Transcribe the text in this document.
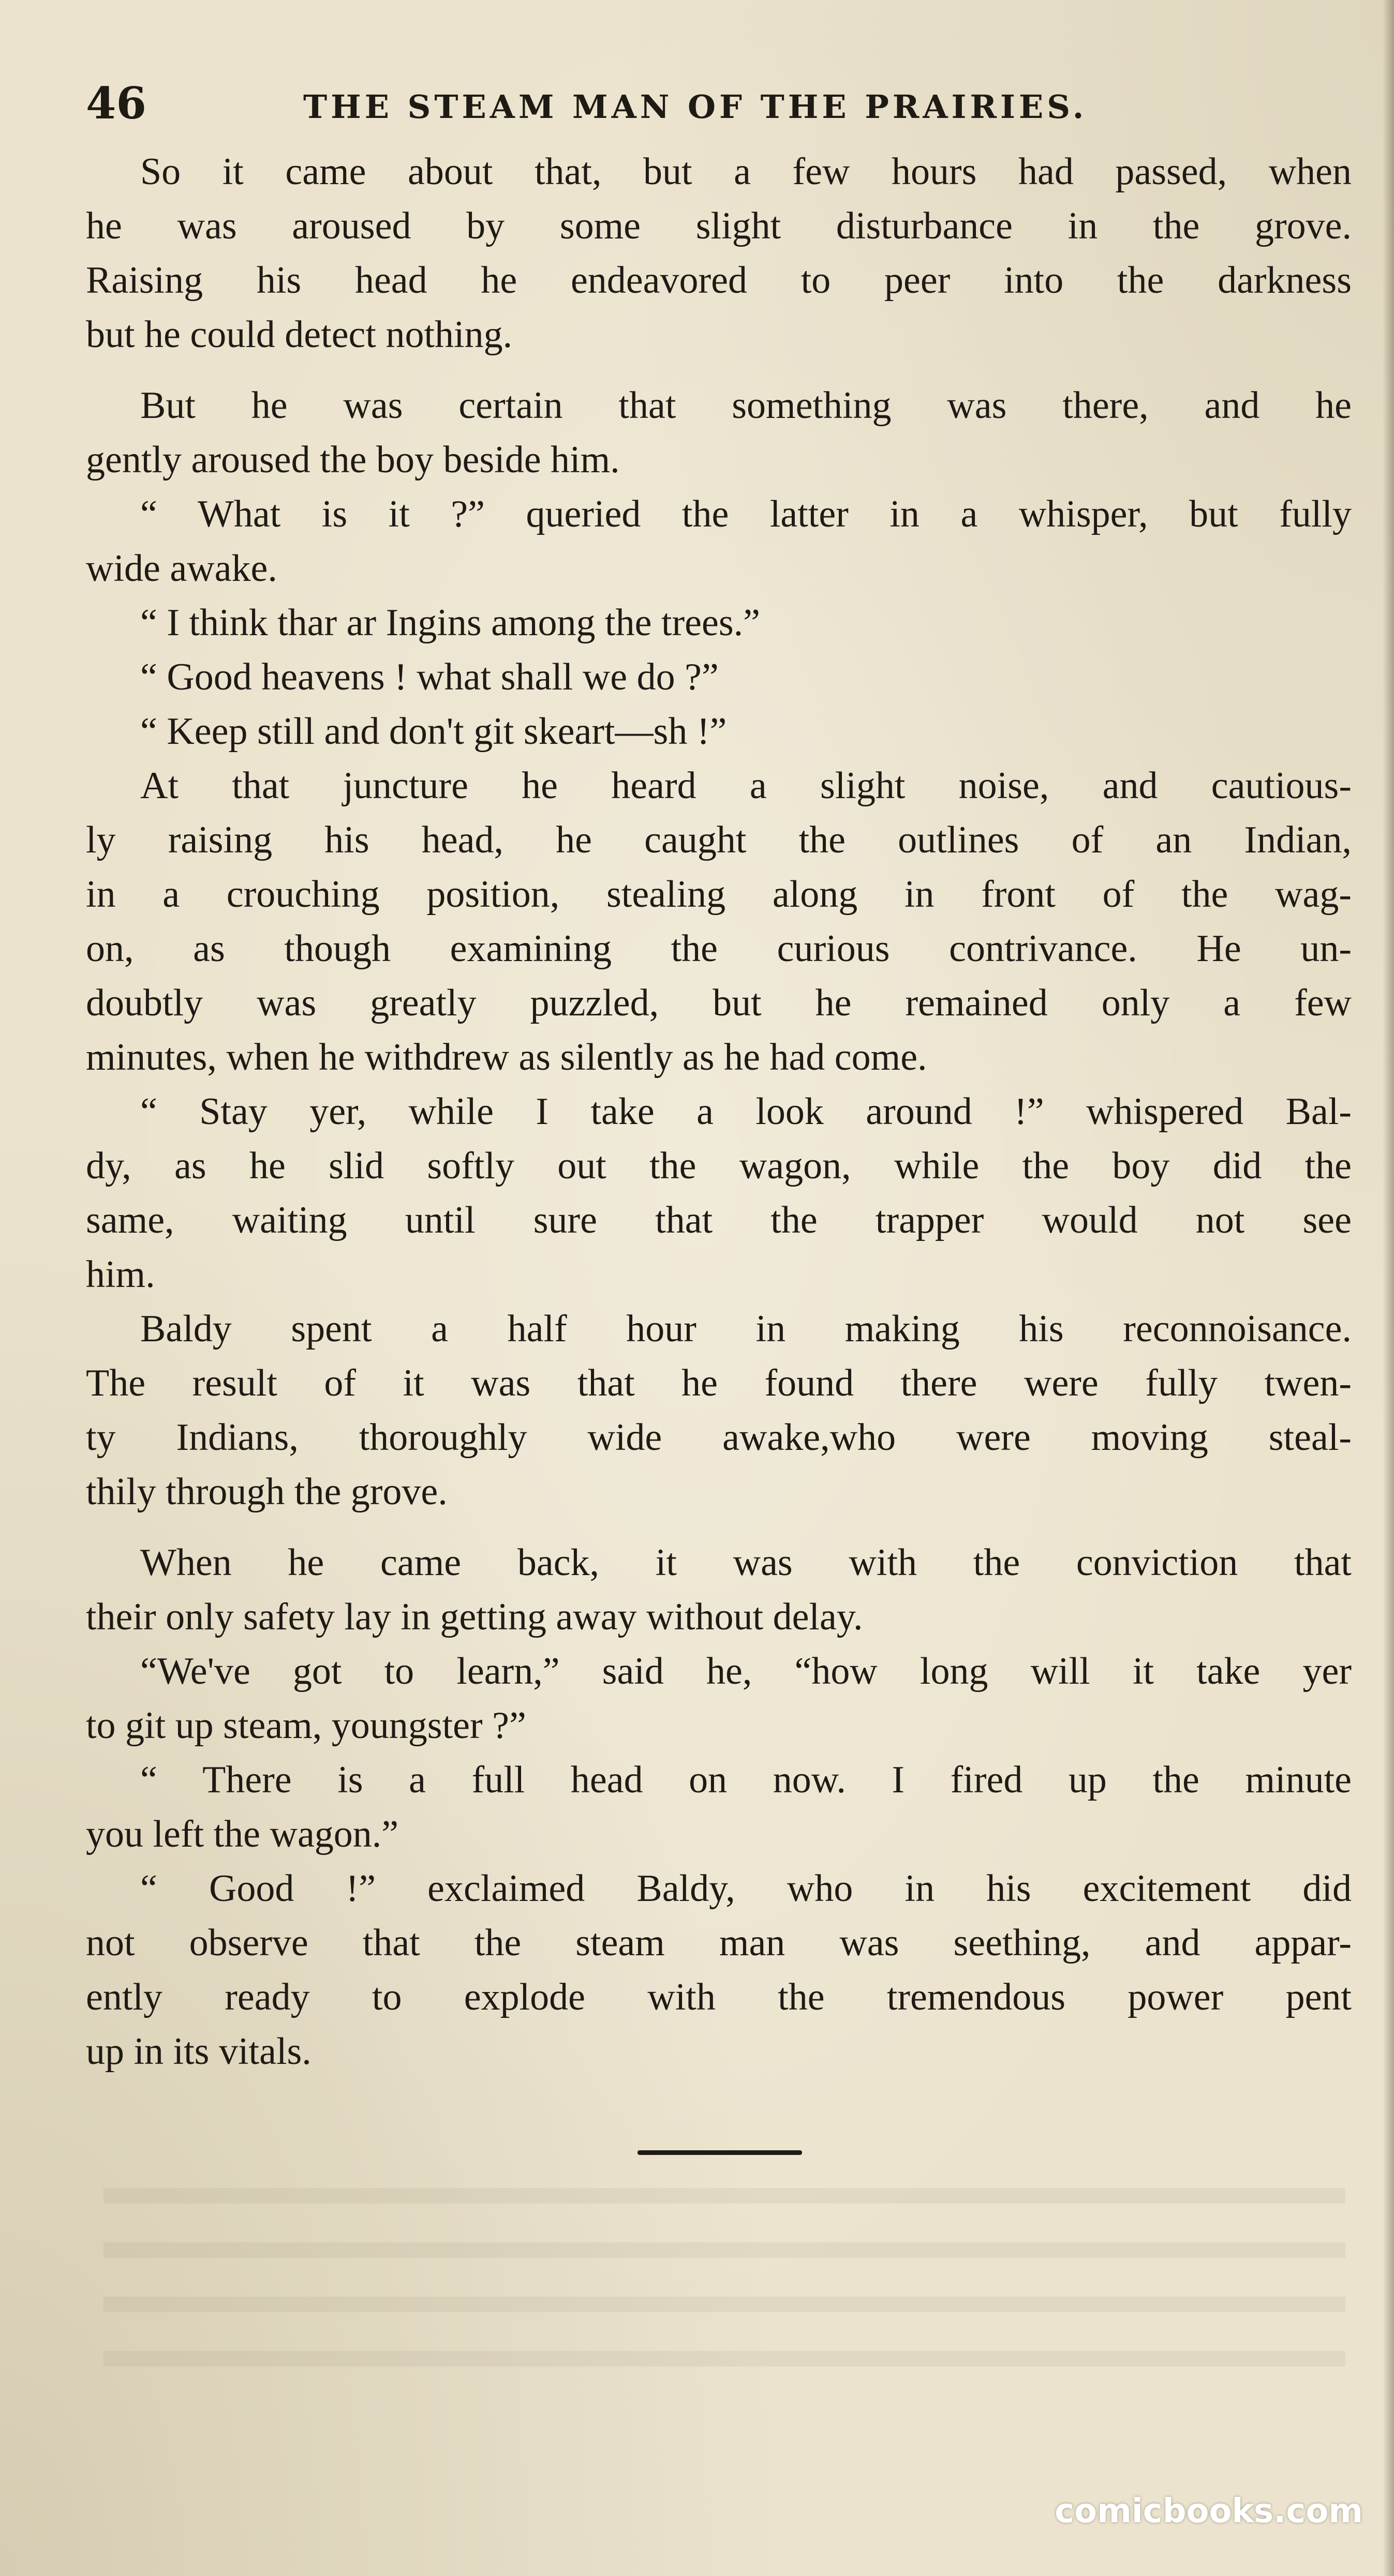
46	THE STEAM MAN OF THE PRAIRIES.
So it came about that, but a few hours had passed, when
he was aroused by some slight disturbance in the grove.
Raising his head he endeavored to peer into the darkness
but he could detect nothing.
But he was certain that something was there, and he
gently aroused the boy beside him.
“ What is it ?” queried the latter in a whisper, but fully
wide awake.
“ I think thar ar Ingins among the trees.”
“ Good heavens ! what shall we do ?”
“ Keep still and don't git skeart—sh !”
At that juncture he heard a slight noise, and cautious-
ly raising his head, he caught the outlines of an Indian,
in a crouching position, stealing along in front of the wag-
on, as though examining the curious contrivance. He un-
doubtly was greatly puzzled, but he remained only a few
minutes, when he withdrew as silently as he had come.
“ Stay yer, while I take a look around !” whispered Bal-
dy, as he slid softly out the wagon, while the boy did the
same, waiting until sure that the trapper would not see
him.
Baldy spent a half hour in making his reconnoisance.
The result of it was that he found there were fully twen-
ty Indians, thoroughly wide awake,who were moving steal-
thily through the grove.
When he came back, it was with the conviction that
their only safety lay in getting away without delay.
“We've got to learn,” said he, “how long will it take yer
to git up steam, youngster ?”
“ There is a full head on now. I fired up the minute
you left the wagon.”
“ Good !” exclaimed Baldy, who in his excitement did
not observe that the steam man was seething, and appar-
ently ready to explode with the tremendous power pent
up in its vitals.
comicbooks.com
